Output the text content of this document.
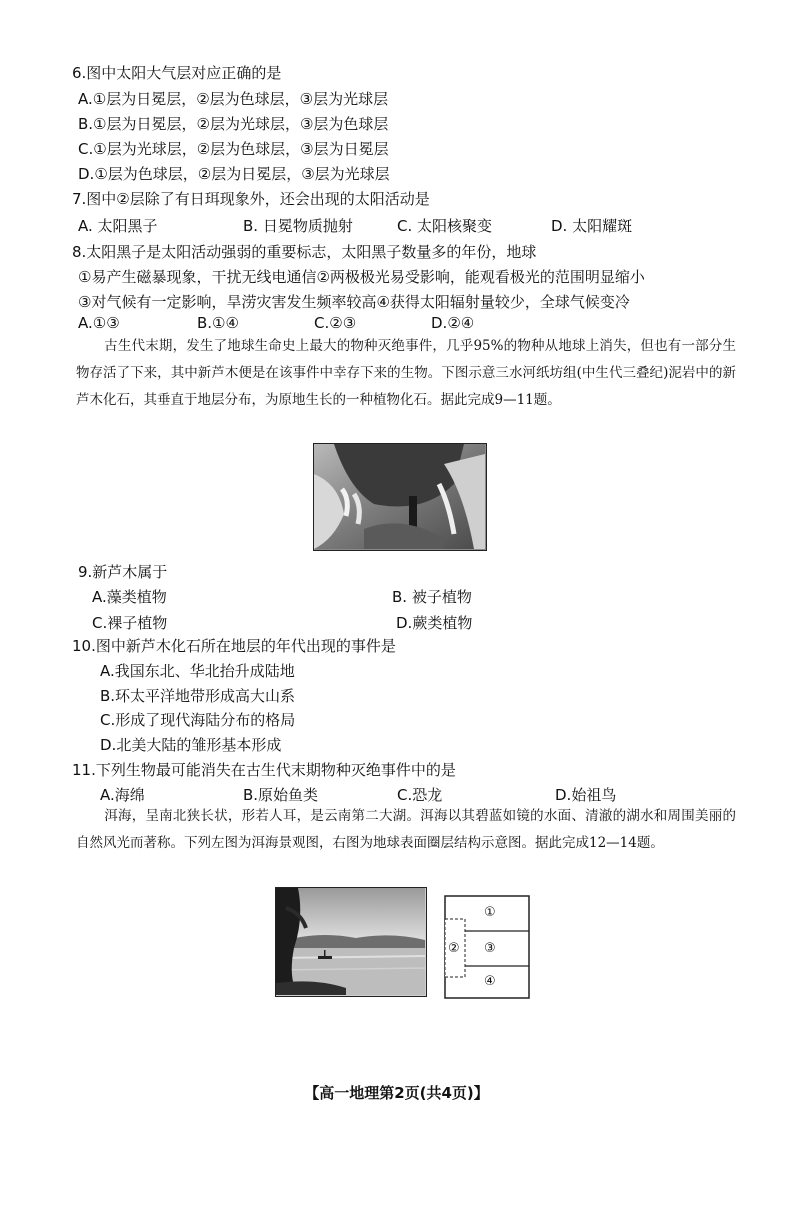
6.图中太阳大气层对应正确的是
A.①层为日冕层，②层为色球层，③层为光球层
B.①层为日冕层，②层为光球层，③层为色球层
C.①层为光球层，②层为色球层，③层为日冕层
D.①层为色球层，②层为日冕层，③层为光球层
7.图中②层除了有日珥现象外，还会出现的太阳活动是
A. 太阳黑子	B. 日冕物质抛射	C. 太阳核聚变	D. 太阳耀斑
8.太阳黑子是太阳活动强弱的重要标志，太阳黑子数量多的年份，地球
①易产生磁暴现象，干扰无线电通信②两极极光易受影响，能观看极光的范围明显缩小
③对气候有一定影响，旱涝灾害发生频率较高④获得太阳辐射量较少，全球气候变冷
A.①③	B.①④	C.②③	D.②④
古生代末期，发生了地球生命史上最大的物种灭绝事件，几乎95%的物种从地球上消失，但也有一部分生物存活了下来，其中新芦木便是在该事件中幸存下来的生物。下图示意三水河纸坊组(中生代三叠纪)泥岩中的新芦木化石，其垂直于地层分布，为原地生长的一种植物化石。据此完成9—11题。
9.新芦木属于
A.藻类植物	B. 被子植物
C.裸子植物	D.蕨类植物
10.图中新芦木化石所在地层的年代出现的事件是
A.我国东北、华北抬升成陆地
B.环太平洋地带形成高大山系
C.形成了现代海陆分布的格局
D.北美大陆的雏形基本形成
11.下列生物最可能消失在古生代末期物种灭绝事件中的是
A.海绵	B.原始鱼类	C.恐龙	D.始祖鸟
洱海，呈南北狭长状，形若人耳，是云南第二大湖。洱海以其碧蓝如镜的水面、清澈的湖水和周围美丽的自然风光而著称。下列左图为洱海景观图，右图为地球表面圈层结构示意图。据此完成12—14题。
①
② ③
④
【高一地理第2页(共4页)】
